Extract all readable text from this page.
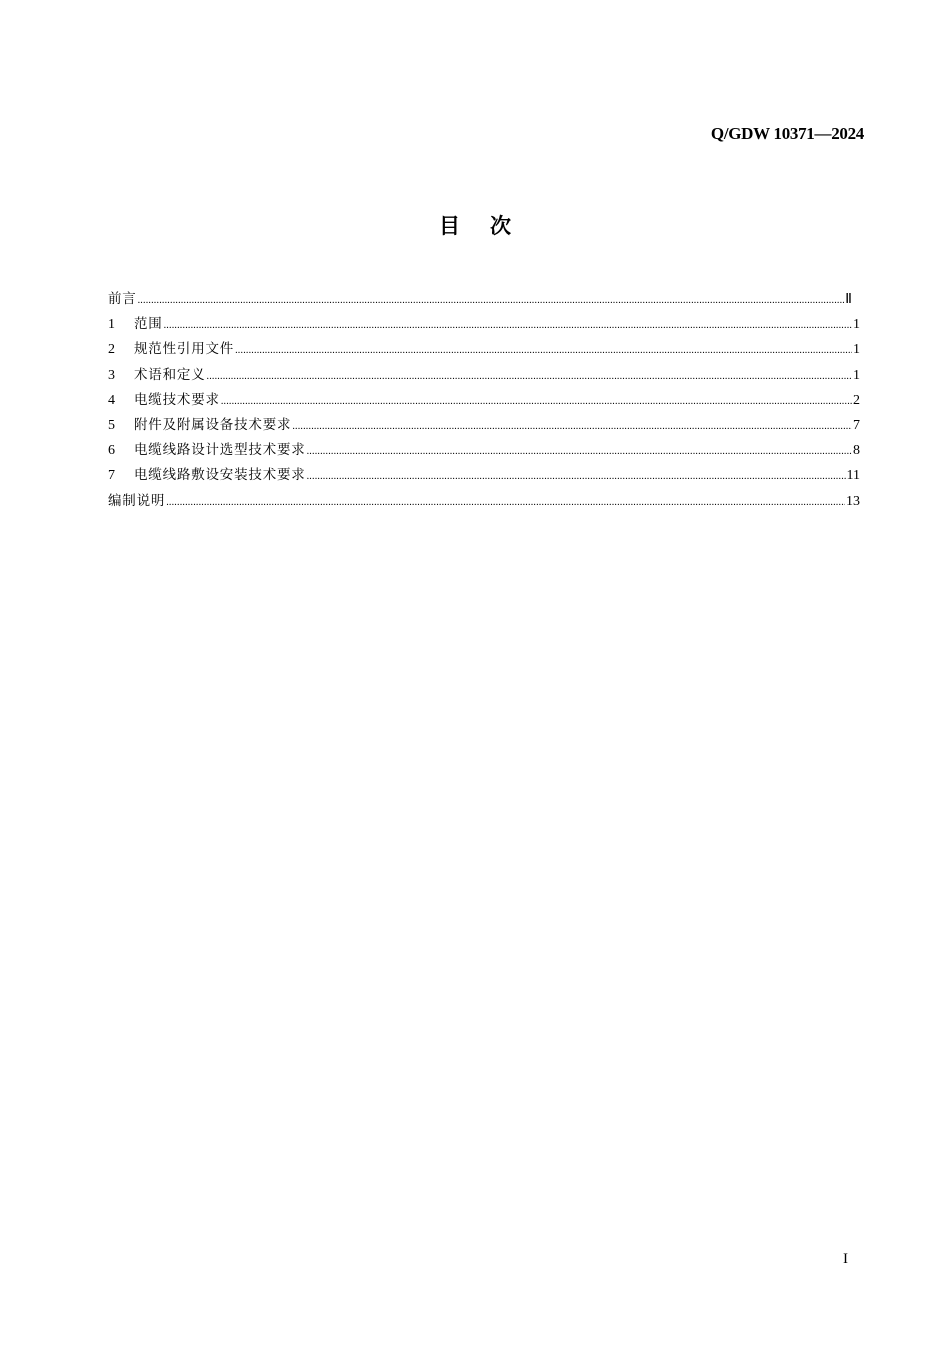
Q/GDW 10371—2024
目 次
前言 .....	Ⅱ
1	范围 .....	1
2	规范性引用文件 .....	1
3	术语和定义 .....	1
4	电缆技术要求 .....	2
5	附件及附属设备技术要求 .....	7
6	电缆线路设计选型技术要求 .....	8
7	电缆线路敷设安装技术要求 .....	11
编制说明 .....	13
I
